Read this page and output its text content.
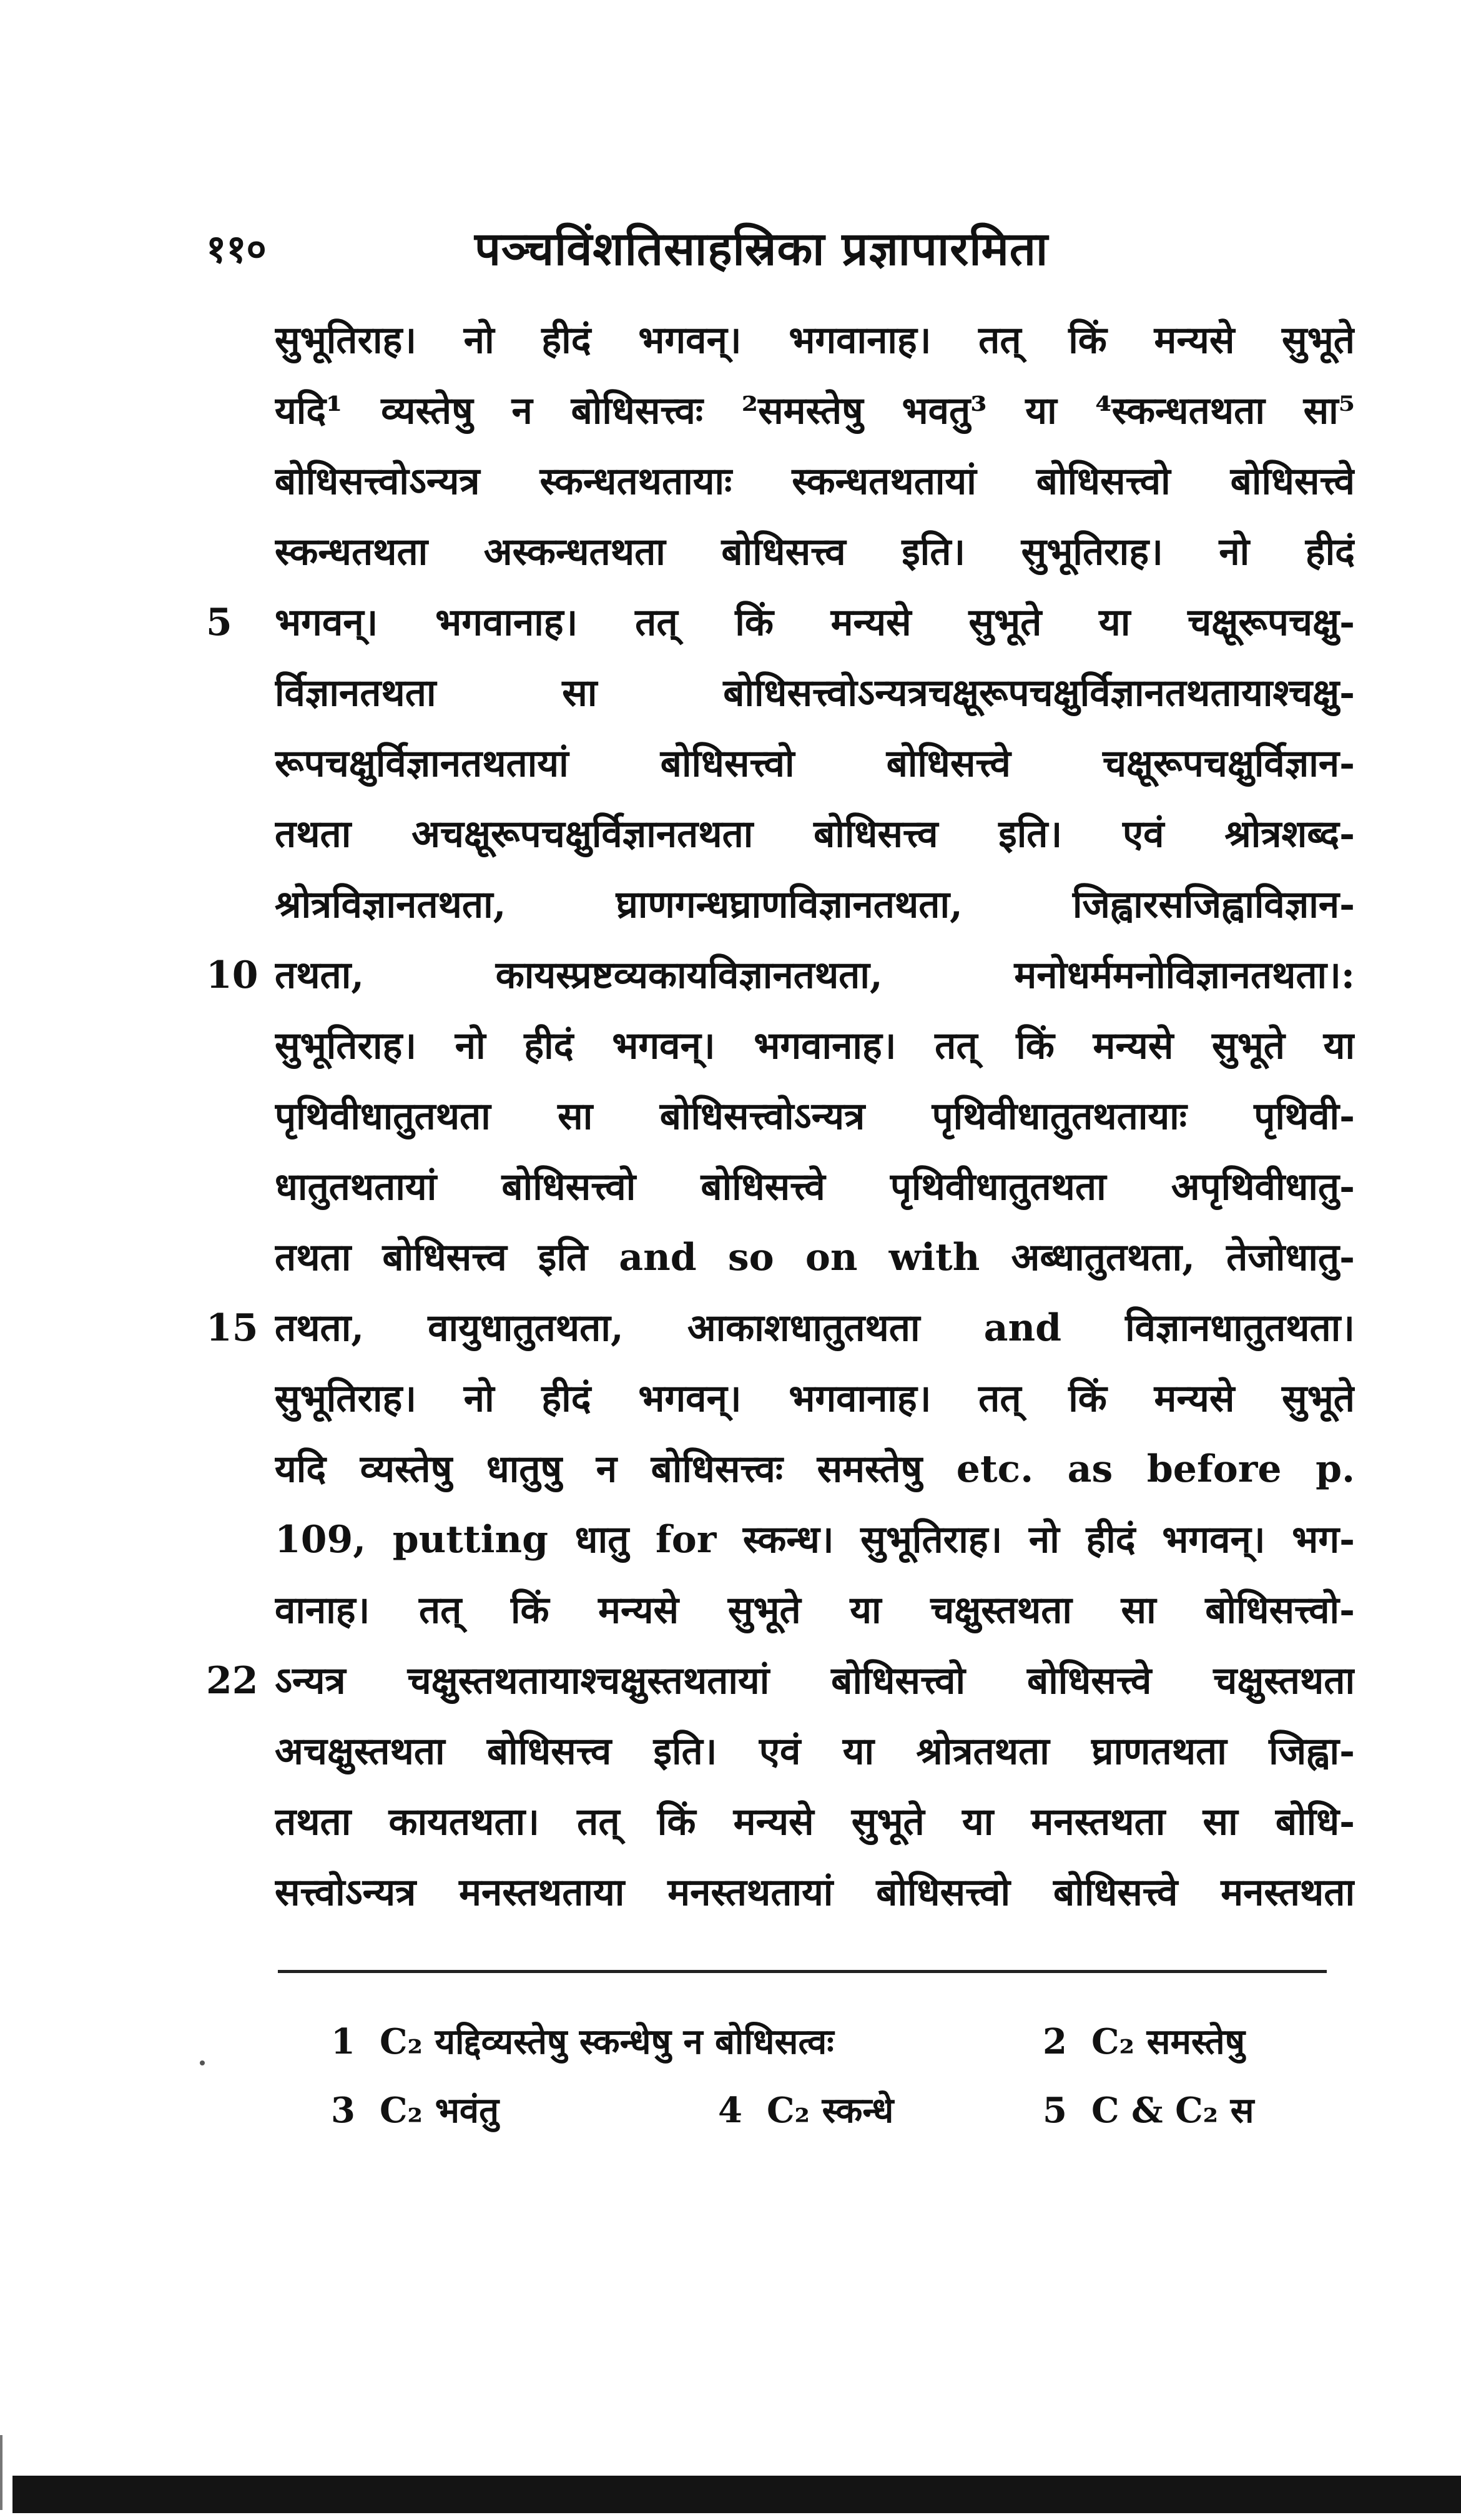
११०	पञ्चविंशतिसाहस्रिका प्रज्ञापारमिता
सुभूतिराह। नो हीदं भगवन्। भगवानाह। तत् किं मन्यसे सुभूते
यदि¹ व्यस्तेषु न बोधिसत्त्वः ²समस्तेषु भवतु³ या ⁴स्कन्धतथता सा⁵
बोधिसत्त्वोऽन्यत्र स्कन्धतथतायाः स्कन्धतथतायां बोधिसत्त्वो बोधिसत्त्वे
स्कन्धतथता अस्कन्धतथता बोधिसत्त्व इति। सुभूतिराह। नो हीदं
5 भगवन्। भगवानाह। तत् किं मन्यसे सुभूते या चक्षूरूपचक्षु-
र्विज्ञानतथता सा बोधिसत्त्वोऽन्यत्रचक्षूरूपचक्षुर्विज्ञानतथतायाश्चक्षु-
रूपचक्षुर्विज्ञानतथतायां बोधिसत्त्वो बोधिसत्त्वे चक्षूरूपचक्षुर्विज्ञान-
तथता अचक्षूरूपचक्षुर्विज्ञानतथता बोधिसत्त्व इति। एवं श्रोत्रशब्द-
श्रोत्रविज्ञानतथता, घ्राणगन्धघ्राणविज्ञानतथता, जिह्वारसजिह्वाविज्ञान-
10 तथता, कायस्प्रष्टव्यकायविज्ञानतथता, मनोधर्ममनोविज्ञानतथता।:
सुभूतिराह। नो हीदं भगवन्। भगवानाह। तत् किं मन्यसे सुभूते या
पृथिवीधातुतथता सा बोधिसत्त्वोऽन्यत्र पृथिवीधातुतथतायाः पृथिवी-
धातुतथतायां बोधिसत्त्वो बोधिसत्त्वे पृथिवीधातुतथता अपृथिवीधातु-
तथता बोधिसत्त्व इति and so on with अब्धातुतथता, तेजोधातु-
15 तथता, वायुधातुतथता, आकाशधातुतथता and विज्ञानधातुतथता।
सुभूतिराह। नो हीदं भगवन्। भगवानाह। तत् किं मन्यसे सुभूते
यदि व्यस्तेषु धातुषु न बोधिसत्त्वः समस्तेषु etc. as before p.
109, putting धातु for स्कन्ध। सुभूतिराह। नो हीदं भगवन्। भग-
वानाह। तत् किं मन्यसे सुभूते या चक्षुस्तथता सा बोधिसत्त्वो-
22 ऽन्यत्र चक्षुस्तथतायाश्चक्षुस्तथतायां बोधिसत्त्वो बोधिसत्त्वे चक्षुस्तथता
अचक्षुस्तथता बोधिसत्त्व इति। एवं या श्रोत्रतथता घ्राणतथता जिह्वा-
तथता कायतथता। तत् किं मन्यसे सुभूते या मनस्तथता सा बोधि-
सत्त्वोऽन्यत्र मनस्तथताया मनस्तथतायां बोधिसत्त्वो बोधिसत्त्वे मनस्तथता
1 C₂ यद्दिव्यस्तेषु स्कन्धेषु न बोधिसत्वः	2 C₂ समस्तेषु
3 C₂ भवंतु	4 C₂ स्कन्धे	5 C & C₂ स
